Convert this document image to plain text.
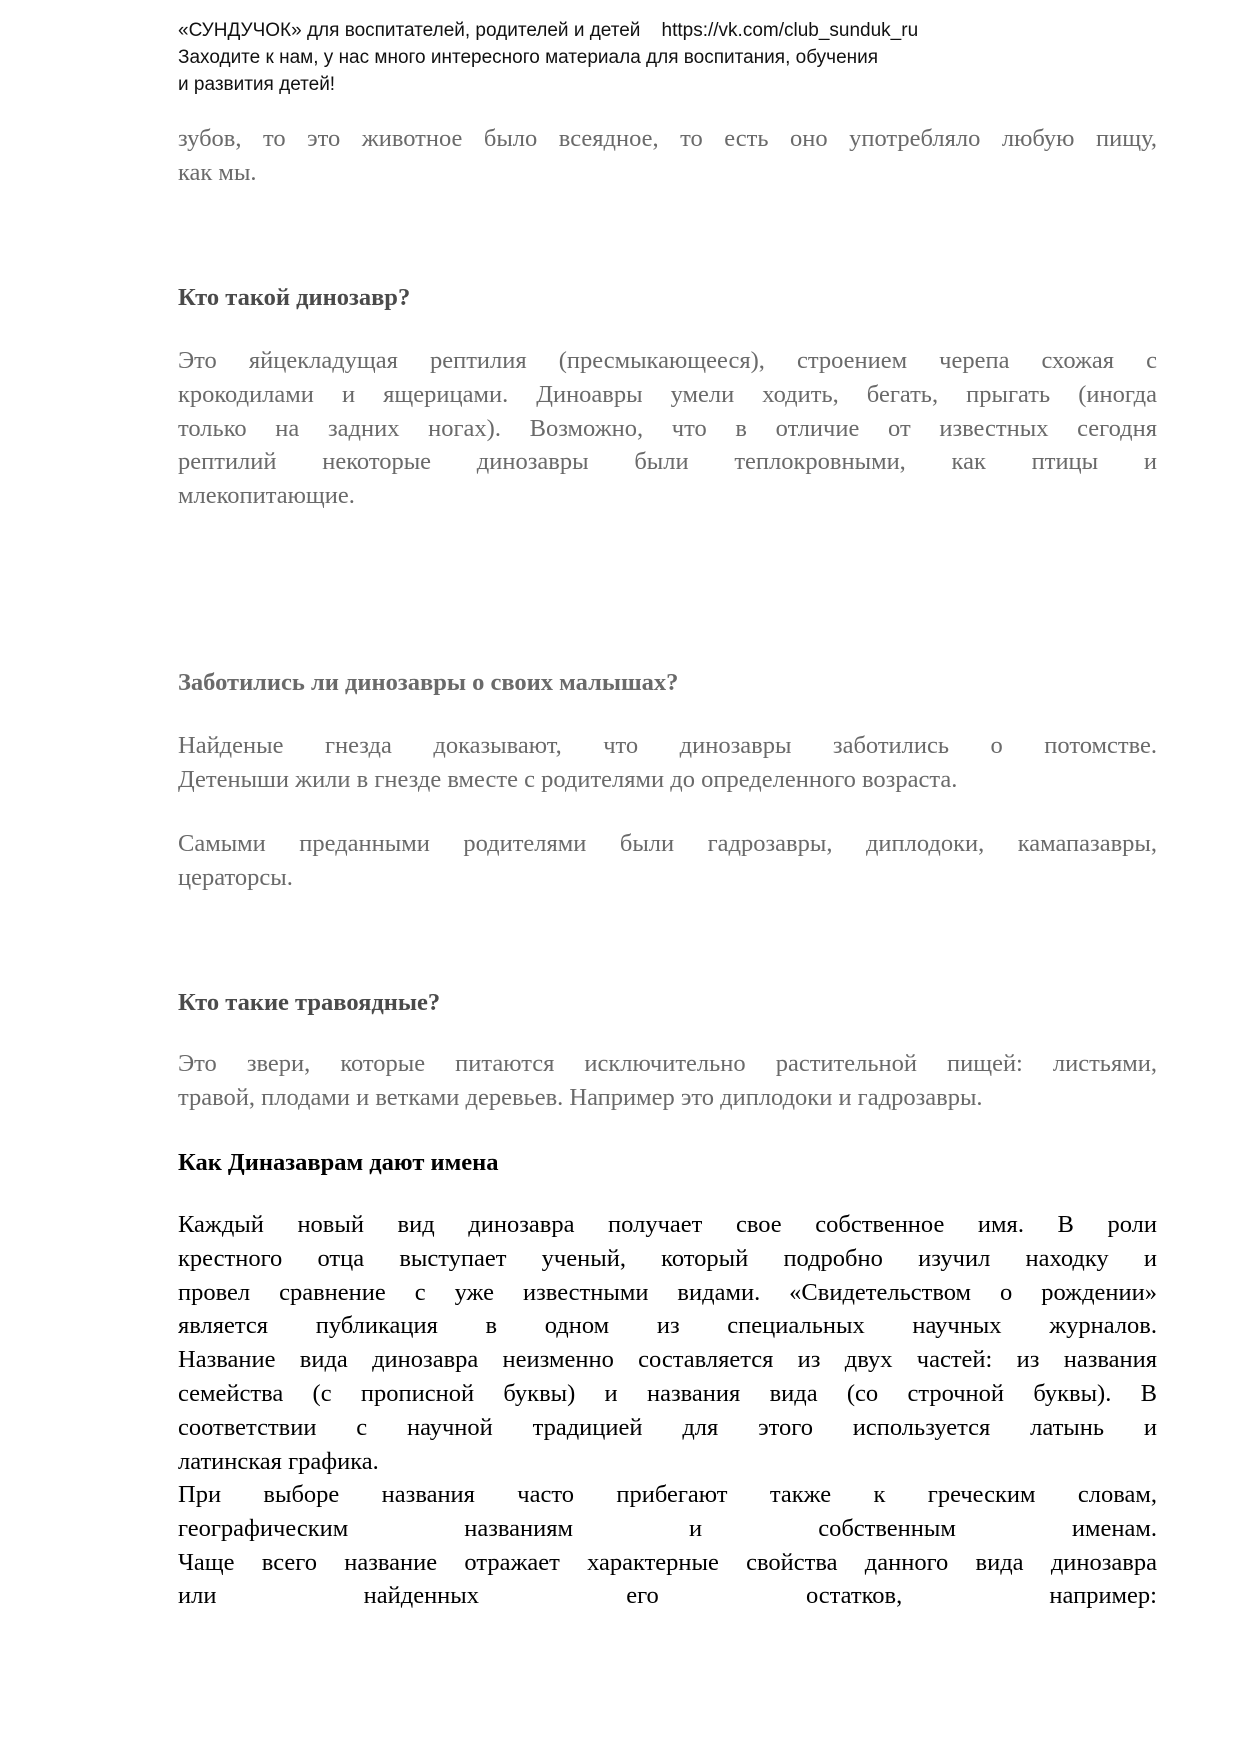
«СУНДУЧОК» для воспитателей, родителей и детей    https://vk.com/club_sunduk_ru
Заходите к нам, у нас много интересного материала для воспитания, обучения
и развития детей!
зубов, то это животное было всеядное, то есть оно употребляло любую пищу,
как мы.
Кто такой динозавр?
Это яйцекладущая рептилия (пресмыкающееся), строением черепа схожая с
крокодилами и ящерицами. Диноавры умели ходить, бегать, прыгать (иногда
только на задних ногах). Возможно, что в отличие от известных сегодня
рептилий некоторые динозавры были теплокровными, как птицы и
млекопитающие.
Заботились ли динозавры о своих малышах?
Найденые гнезда доказывают, что динозавры заботились о потомстве.
Детеныши жили в гнезде вместе с родителями до определенного возраста.
Самыми преданными родителями были гадрозавры, диплодоки, камапазавры,
цераторсы.
Кто такие травоядные?
Это звери, которые питаются исключительно растительной пищей: листьями,
травой, плодами и ветками деревьев. Например это диплодоки и гадрозавры.
Как Диназаврам дают имена
Каждый новый вид динозавра получает свое собственное имя. В роли
крестного отца выступает ученый, который подробно изучил находку и
провел сравнение с уже известными видами. «Свидетельством о рождении»
является публикация в одном из специальных научных журналов.
Название вида динозавра неизменно составляется из двух частей: из названия
семейства (с прописной буквы) и названия вида (со строчной буквы). В
соответствии с научной традицией для этого используется латынь и
латинская графика.
При выборе названия часто прибегают также к греческим словам,
географическим названиям и собственным именам.
Чаще всего название отражает характерные свойства данного вида динозавра
или найденных его остатков, например:
